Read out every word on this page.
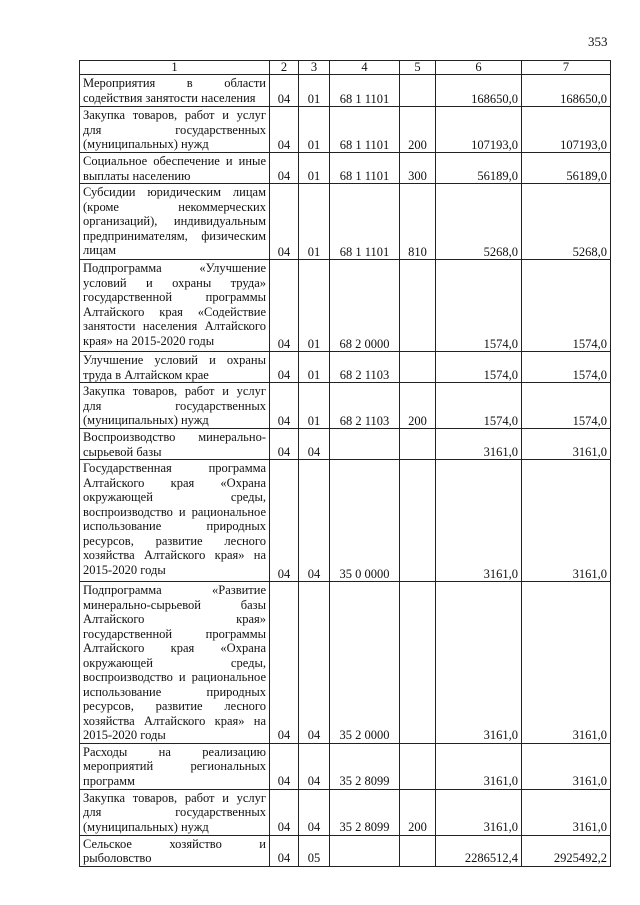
353
1	2	3	4	5	6	7
Мероприятия в области содействия занятости населения	04	01	68 1 1101		168650,0	168650,0
Закупка товаров, работ и услуг для государственных (муниципальных) нужд	04	01	68 1 1101	200	107193,0	107193,0
Социальное обеспечение и иные выплаты населению	04	01	68 1 1101	300	56189,0	56189,0
Субсидии юридическим лицам (кроме некоммерческих организаций), индивидуальным предпринимателям, физическим лицам	04	01	68 1 1101	810	5268,0	5268,0
Подпрограмма «Улучшение условий и охраны труда» государственной программы Алтайского края «Содействие занятости населения Алтайского края» на 2015-2020 годы	04	01	68 2 0000		1574,0	1574,0
Улучшение условий и охраны труда в Алтайском крае	04	01	68 2 1103		1574,0	1574,0
Закупка товаров, работ и услуг для государственных (муниципальных) нужд	04	01	68 2 1103	200	1574,0	1574,0
Воспроизводство минерально-сырьевой базы	04	04			3161,0	3161,0
Государственная программа Алтайского края «Охрана окружающей среды, воспроизводство и рациональное использование природных ресурсов, развитие лесного хозяйства Алтайского края» на 2015-2020 годы	04	04	35 0 0000		3161,0	3161,0
Подпрограмма «Развитие минерально-сырьевой базы Алтайского края» государственной программы Алтайского края «Охрана окружающей среды, воспроизводство и рациональное использование природных ресурсов, развитие лесного хозяйства Алтайского края» на 2015-2020 годы	04	04	35 2 0000		3161,0	3161,0
Расходы на реализацию мероприятий региональных программ	04	04	35 2 8099		3161,0	3161,0
Закупка товаров, работ и услуг для государственных (муниципальных) нужд	04	04	35 2 8099	200	3161,0	3161,0
Сельское хозяйство и рыболовство	04	05			2286512,4	2925492,2
